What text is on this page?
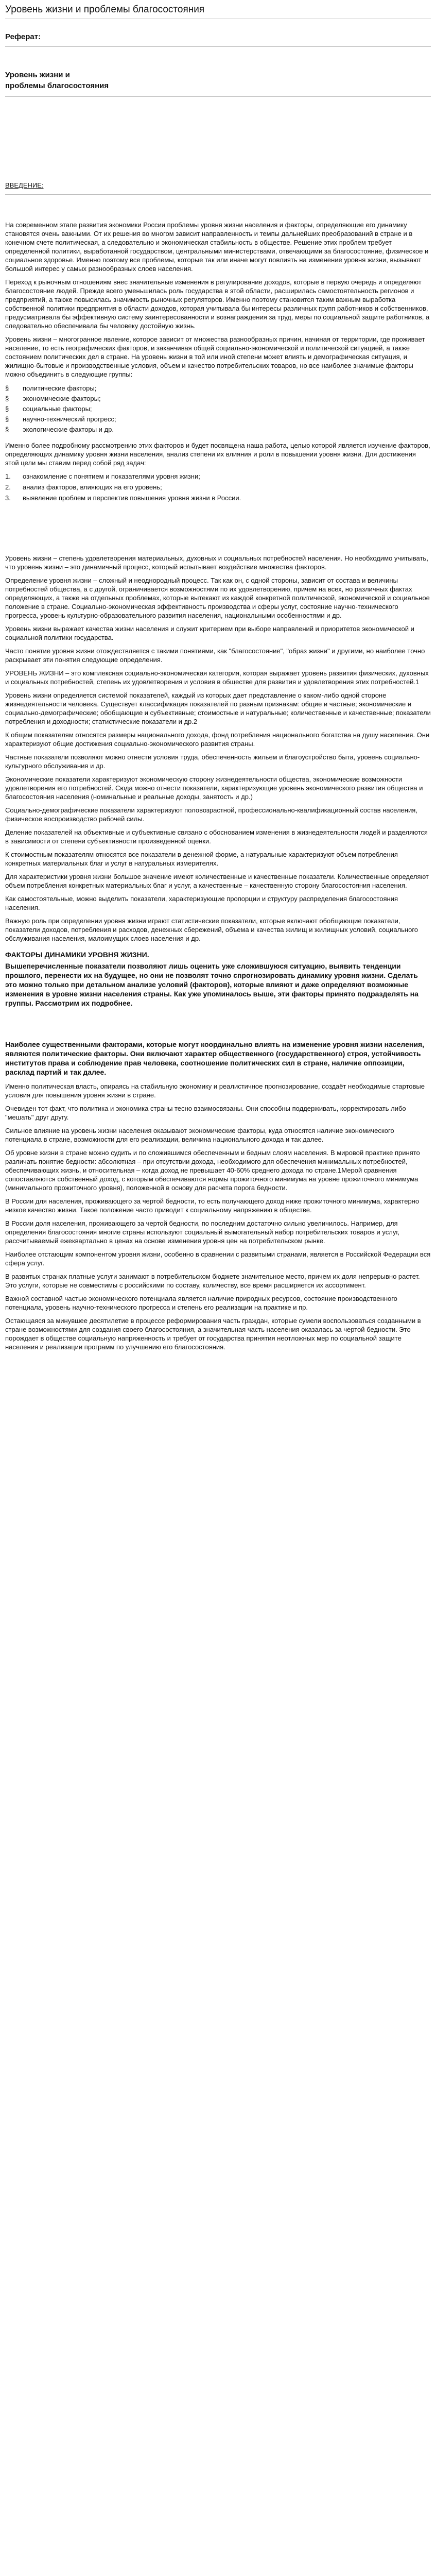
Уровень жизни и проблемы благосостояния
Реферат:
Уровень жизни и
проблемы благосостояния
ВВЕДЕНИЕ:

На современном этапе развития экономики России проблемы уровня жизни населения и факторы, определяющие его динамику становятся очень важными. От их решения во многом зависит направленность и темпы дальнейших преобразований в стране и в конечном счете политическая, а следовательно и экономическая стабильность в обществе. Решение этих проблем требует определенной политики, выработанной государством, центральными министерствами, отвечающими за благосостояние, физическое и социальное здоровье. Именно поэтому все проблемы, которые так или иначе могут повлиять на изменение уровня жизни, вызывают большой интерес у самых разнообразных слоев населения.

Переход к рыночным отношениям внес значительные изменения в регулирование доходов, которые в первую очередь и определяют благосостояние людей. Прежде всего уменьшилась роль государства в этой области, расширилась самостоятельность регионов и предприятий, а также повысилась значимость рыночных регуляторов. Именно поэтому становится таким важным выработка собственной политики предприятия в области доходов, которая учитывала бы интересы различных групп работников и собственников, предусматривала бы эффективную систему заинтересованности и вознаграждения за труд, меры по социальной защите работников, а следовательно обеспечивала бы человеку достойную жизнь.

Уровень жизни – многогранное явление, которое зависит от множества разнообразных причин, начиная от территории, где проживает население, то есть географических факторов, и заканчивая общей социально-экономической и политической ситуацией, а также состоянием политических дел в стране. На уровень жизни в той или иной степени может влиять и демографическая ситуация, и жилищно-бытовые и производственные условия, объем и качество потребительских товаров, но все наиболее значимые факторы можно объединить в следующие группы:

§ политические факторы;
§ экономические факторы;
§ социальные факторы;
§ научно-технический прогресс;
§ экологические факторы и др.

Именно более подробному рассмотрению этих факторов и будет посвящена наша работа, целью которой является изучение факторов, определяющих динамику уровня жизни населения, анализ степени их влияния и роли в повышении уровня жизни. Для достижения этой цели мы ставим перед собой ряд задач:

1. ознакомление с понятием и показателями уровня жизни;
2. анализ факторов, влияющих на его уровень;
3. выявление проблем и перспектив повышения уровня жизни в России.

Уровень жизни – степень удовлетворения материальных, духовных и социальных потребностей населения. Но необходимо учитывать, что уровень жизни – это динамичный процесс, который испытывает воздействие множества факторов.

Определение уровня жизни – сложный и неоднородный процесс. Так как он, с одной стороны, зависит от состава и величины потребностей общества, а с другой, ограничивается возможностями по их удовлетворению, причем на всех, но различных фактах определяющих, а также на отдельных проблемах, которые вытекают из каждой конкретной политической, экономической и социальное положение в стране. Социально-экономическая эффективность производства и сферы услуг, состояние научно-технического прогресса, уровень культурно-образовательного развития населения, национальными особенностями и др.

Уровень жизни выражает качества жизни населения и служит критерием при выборе направлений и приоритетов экономической и социальной политики государства.

Часто понятие уровня жизни отождествляется с такими понятиями, как "благосостояние", "образ жизни" и другими, но наиболее точно раскрывает эти понятия следующие определения.

УРОВЕНЬ ЖИЗНИ – это комплексная социально-экономическая категория, которая выражает уровень развития физических, духовных и социальных потребностей, степень их удовлетворения и условия в обществе для развития и удовлетворения этих потребностей.1

Уровень жизни определяется системой показателей, каждый из которых дает представление о каком-либо одной стороне жизнедеятельности человека. Существует классификация показателей по разным признакам: общие и частные; экономические и социально-демографические; обобщающие и субъективные; стоимостные и натуральные; количественные и качественные; показатели потребления и доходности; статистические показатели и др.2

К общим показателям относятся размеры национального дохода, фонд потребления национального богатства на душу населения. Они характеризуют общие достижения социально-экономического развития страны.

Частные показатели позволяют можно отнести условия труда, обеспеченность жильем и благоустройство быта, уровень социально-культурного обслуживания и др.

Экономические показатели характеризуют экономическую сторону жизнедеятельности общества, экономические возможности удовлетворения его потребностей. Сюда можно отнести показатели, характеризующие уровень экономического развития общества и благосостояния населения (номинальные и реальные доходы, занятость и др.)

Социально-демографические показатели характеризуют половозрастной, профессионально-квалификационный состав населения, физическое воспроизводство рабочей силы.

Деление показателей на объективные и субъективные связано с обоснованием изменения в жизнедеятельности людей и разделяются в зависимости от степени субъективности произведенной оценки.

К стоимостным показателям относятся все показатели в денежной форме, а натуральные характеризуют объем потребления конкретных материальных благ и услуг в натуральных измерителях.

Для характеристики уровня жизни большое значение имеют количественные и качественные показатели. Количественные определяют объем потребления конкретных материальных благ и услуг, а качественные – качественную сторону благосостояния населения.

Как самостоятельные, можно выделить показатели, характеризующие пропорции и структуру распределения благосостояния населения.

Важную роль при определении уровня жизни играют статистические показатели, которые включают обобщающие показатели, показатели доходов, потребления и расходов, денежных сбережений, объема и качества жилищ и жилищных условий, социального обслуживания населения, малоимущих слоев населения и др.

ФАКТОРЫ ДИНАМИКИ УРОВНЯ ЖИЗНИ.

Вышеперечисленные показатели позволяют лишь оценить уже сложившуюся ситуацию, выявить тенденции прошлого, перенести их на будущее, но они не позволят точно спрогнозировать динамику уровня жизни. Сделать это можно только при детальном анализе условий (факторов), которые влияют и даже определяют возможные изменения в уровне жизни населения страны. Как уже упоминалось выше, эти факторы принято подразделять на группы. Рассмотрим их подробнее.

Наиболее существенными факторами, которые могут координально влиять на изменение уровня жизни населения, являются политические факторы. Они включают характер общественного (государственного) строя, устойчивость институтов права и соблюдение прав человека, соотношение политических сил в стране, наличие оппозиции, расклад партий и так далее.

Именно политическая власть, опираясь на стабильную экономику и реалистичное прогнозирование, создаёт необходимые стартовые условия для повышения уровня жизни в стране.

Очевиден тот факт, что политика и экономика страны тесно взаимосвязаны. Они способны поддерживать, корректировать либо "мешать" друг другу.

Сильное влияние на уровень жизни населения оказывают экономические факторы, куда относятся наличие экономического потенциала в стране, возможности для его реализации, величина национального дохода и так далее.

Об уровне жизни в стране можно судить и по сложившимся обеспеченным и бедным слоям населения. В мировой практике принято различать понятие бедности: абсолютная – при отсутствии дохода, необходимого для обеспечения минимальных потребностей, обеспечивающих жизнь, и относительная – когда доход не превышает 40-60% среднего дохода по стране.1Мерой сравнения сопоставляются собственный доход, с которым обеспечиваются нормы прожиточного минимума на уровне прожиточного минимума (минимального прожиточного уровня), положенной в основу для расчета порога бедности.

В России для населения, проживающего за чертой бедности, то есть получающего доход ниже прожиточного минимума, характерно низкое качество жизни. Такое положение часто приводит к социальному напряжению в обществе.

В России доля населения, проживающего за чертой бедности, по последним достаточно сильно увеличилось. Например, для определения благосостояния многие страны используют социальный вымогательный набор потребительских товаров и услуг, рассчитываемый ежеквартально в ценах на основе изменения уровня цен на потребительском рынке.

Наиболее отстающим компонентом уровня жизни, особенно в сравнении с развитыми странами, является в Российской Федерации вся сфера услуг.

В развитых странах платные услуги занимают в потребительском бюджете значительное место, причем их доля непрерывно растет. Это услуги, которые не совместимы с российскими по составу, количеству, все время расширяется их ассортимент.

Важной составной частью экономического потенциала является наличие природных ресурсов, состояние производственного потенциала, уровень научно-технического прогресса и степень его реализации на практике и пр.

Остающаяся за минувшее десятилетие в процессе реформирования часть граждан, которые сумели воспользоваться созданными в стране возможностями для создания своего благосостояния, а значительная часть населения оказалась за чертой бедности. Это порождает в обществе социальную напряженность и требует от государства принятия неотложных мер по социальной защите населения и реализации программ по улучшению его благосостояния.
